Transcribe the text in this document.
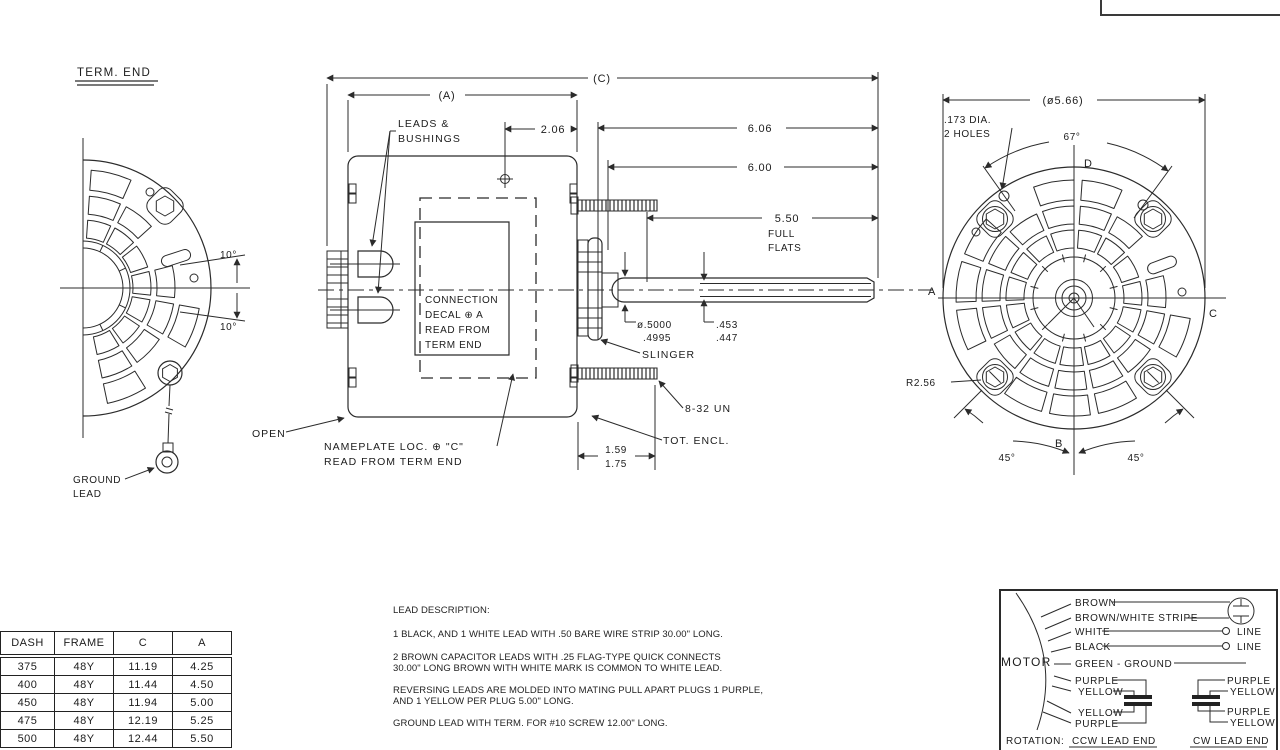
TERM. END
10°
10°
GROUND
LEAD
CONNECTION
DECAL ⊕ A
READ FROM
TERM END
(C)
(A)
2.06	6.06
6.00
5.50
FULL
FLATS
LEADS &
BUSHINGS
ø.5000
.4995
.453
.447
SLINGER
8-32 UN
TOT. ENCL.
OPEN
NAMEPLATE LOC. ⊕ "C"
READ FROM TERM END
1.59
1.75
A
C
D
B
(ø5.66)
.173 DIA.
2 HOLES	67°
R2.56
45°	45°
DASH	FRAME	C	A
375	48Y	11.19	4.25
400	48Y	11.44	4.50
450	48Y	11.94	5.00
475	48Y	12.19	5.25
500	48Y	12.44	5.50
LEAD DESCRIPTION:
1 BLACK, AND 1 WHITE LEAD WITH .50 BARE WIRE STRIP 30.00" LONG.
2 BROWN CAPACITOR LEADS WITH .25 FLAG-TYPE QUICK CONNECTS
30.00" LONG BROWN WITH WHITE MARK IS COMMON TO WHITE LEAD.
REVERSING LEADS ARE MOLDED INTO MATING PULL APART PLUGS 1 PURPLE,
AND 1 YELLOW PER PLUG 5.00" LONG.
GROUND LEAD WITH TERM. FOR #10 SCREW 12.00" LONG.
MOTOR
BROWN
BROWN/WHITE STRIPE
WHITE
BLACK
GREEN - GROUND
PURPLE
YELLOW
YELLOW
PURPLE
LINE
LINE
PURPLE
YELLOW
PURPLE
YELLOW
ROTATION: CCW LEAD END	CW LEAD END
